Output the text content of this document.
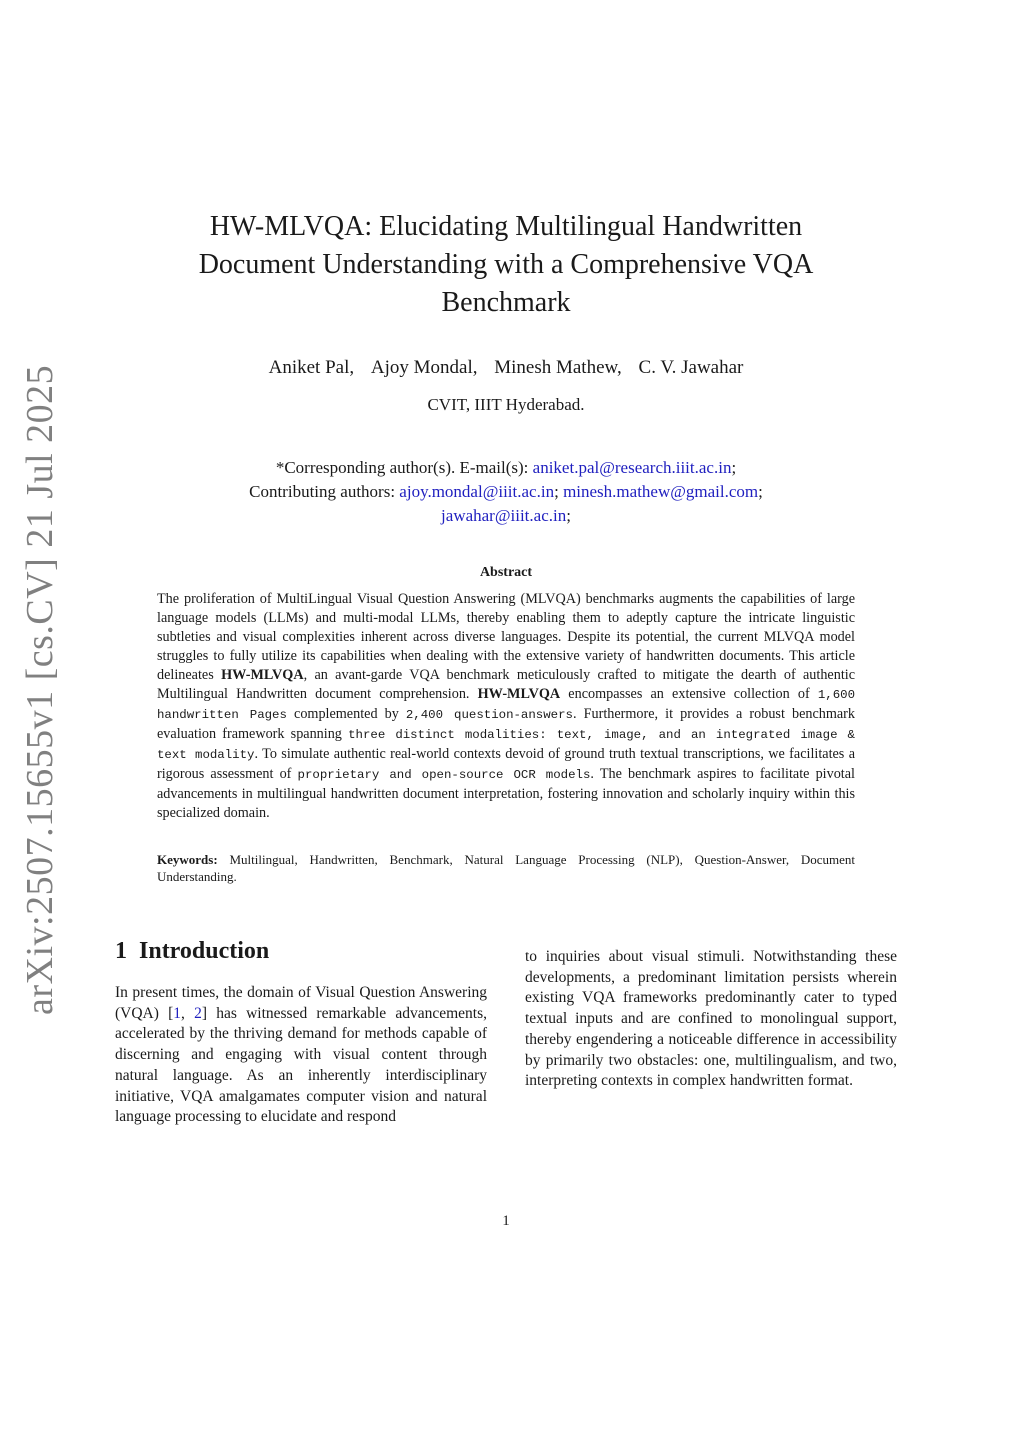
arXiv:2507.15655v1 [cs.CV] 21 Jul 2025
HW-MLVQA: Elucidating Multilingual Handwritten Document Understanding with a Comprehensive VQA Benchmark
Aniket Pal, Ajoy Mondal, Minesh Mathew, C. V. Jawahar
CVIT, IIIT Hyderabad.
*Corresponding author(s). E-mail(s): aniket.pal@research.iiit.ac.in;
Contributing authors: ajoy.mondal@iiit.ac.in; minesh.mathew@gmail.com;
jawahar@iiit.ac.in;
Abstract
The proliferation of MultiLingual Visual Question Answering (MLVQA) benchmarks augments the capabilities of large language models (LLMs) and multi-modal LLMs, thereby enabling them to adeptly capture the intricate linguistic subtleties and visual complexities inherent across diverse languages. Despite its potential, the current MLVQA model struggles to fully utilize its capabilities when dealing with the extensive variety of handwritten documents. This article delineates HW-MLVQA, an avant-garde VQA benchmark meticulously crafted to mitigate the dearth of authentic Multilingual Handwritten document comprehension. HW-MLVQA encompasses an extensive collection of 1,600 handwritten Pages complemented by 2,400 question-answers. Furthermore, it provides a robust benchmark evaluation framework spanning three distinct modalities: text, image, and an integrated image & text modality. To simulate authentic real-world contexts devoid of ground truth textual transcriptions, we facilitates a rigorous assessment of proprietary and open-source OCR models. The benchmark aspires to facilitate pivotal advancements in multilingual handwritten document interpretation, fostering innovation and scholarly inquiry within this specialized domain.
Keywords: Multilingual, Handwritten, Benchmark, Natural Language Processing (NLP), Question-Answer, Document Understanding.
1 Introduction
In present times, the domain of Visual Question Answering (VQA) [1, 2] has witnessed remarkable advancements, accelerated by the thriving demand for methods capable of discerning and engaging with visual content through natural language. As an inherently interdisciplinary initiative, VQA amalgamates computer vision and natural language processing to elucidate and respond
to inquiries about visual stimuli. Notwithstanding these developments, a predominant limitation persists wherein existing VQA frameworks predominantly cater to typed textual inputs and are confined to monolingual support, thereby engendering a noticeable difference in accessibility by primarily two obstacles: one, multilingualism, and two, interpreting contexts in complex handwritten format.
1
